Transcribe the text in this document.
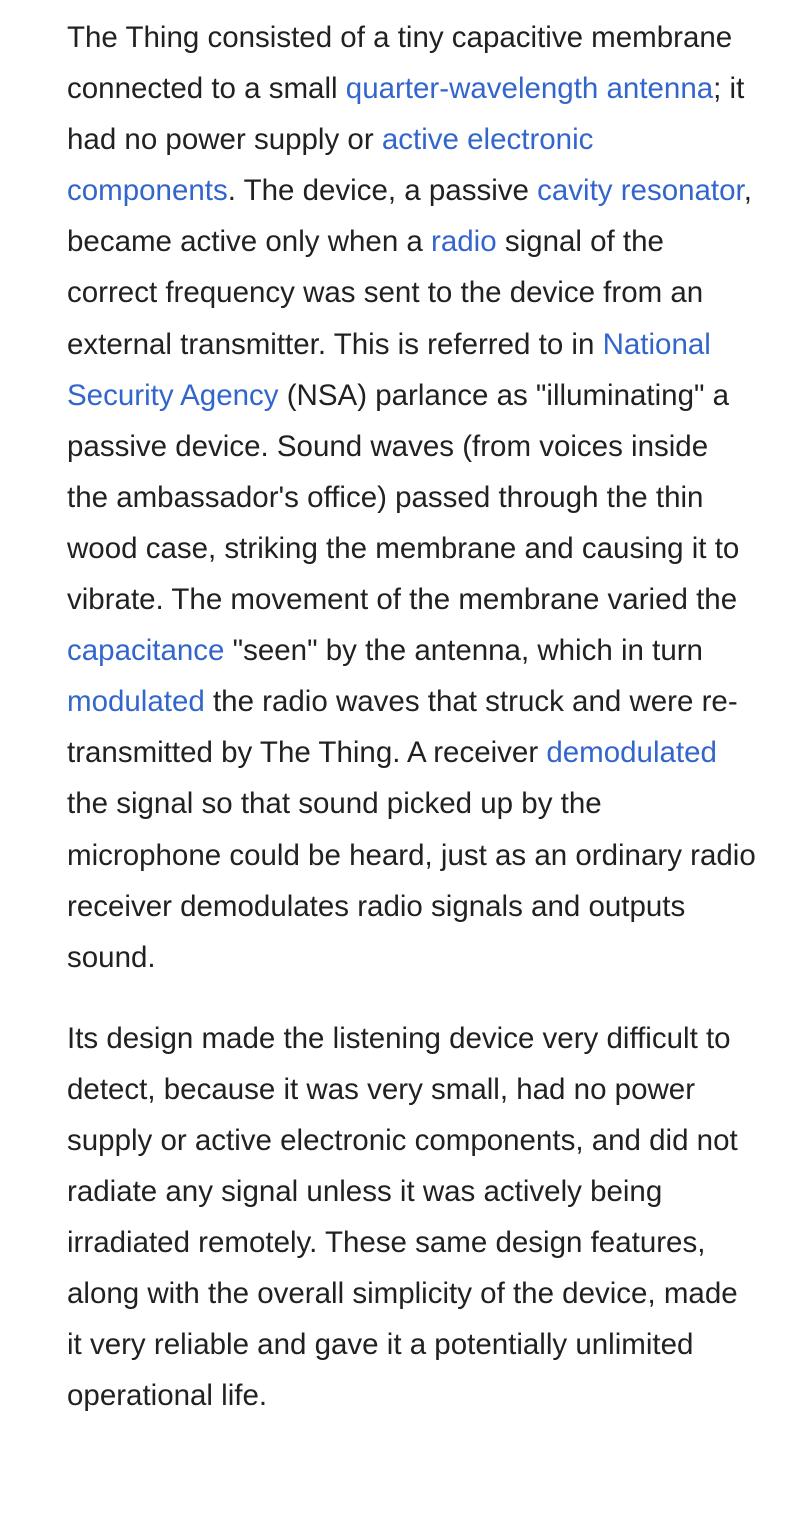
The Thing consisted of a tiny capacitive membrane connected to a small quarter-wavelength antenna; it had no power supply or active electronic components. The device, a passive cavity resonator, became active only when a radio signal of the correct frequency was sent to the device from an external transmitter. This is referred to in National Security Agency (NSA) parlance as "illuminating" a passive device. Sound waves (from voices inside the ambassador's office) passed through the thin wood case, striking the membrane and causing it to vibrate. The movement of the membrane varied the capacitance "seen" by the antenna, which in turn modulated the radio waves that struck and were re-transmitted by The Thing. A receiver demodulated the signal so that sound picked up by the microphone could be heard, just as an ordinary radio receiver demodulates radio signals and outputs sound.

Its design made the listening device very difficult to detect, because it was very small, had no power supply or active electronic components, and did not radiate any signal unless it was actively being irradiated remotely. These same design features, along with the overall simplicity of the device, made it very reliable and gave it a potentially unlimited operational life.
